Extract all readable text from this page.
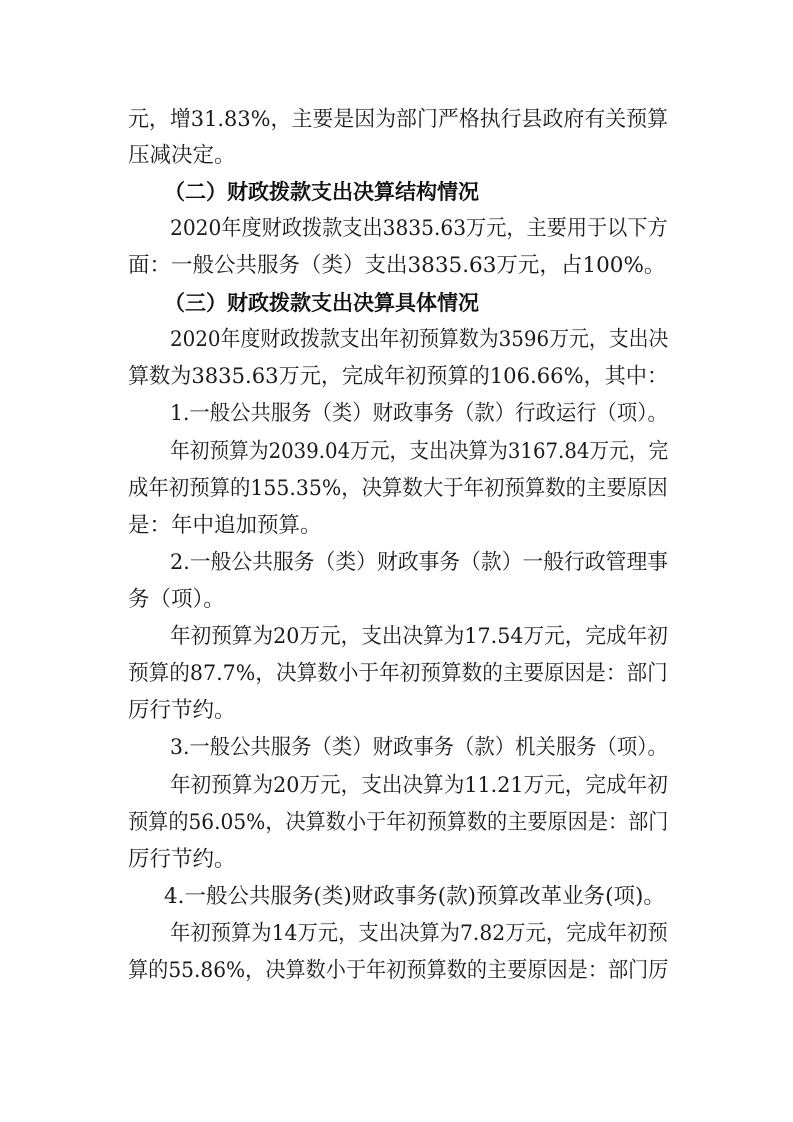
元，增31.83%，主要是因为部门严格执行县政府有关预算
压减决定。
（二）财政拨款支出决算结构情况
2020年度财政拨款支出3835.63万元，主要用于以下方
面：一般公共服务（类）支出3835.63万元，占100%。
（三）财政拨款支出决算具体情况
2020年度财政拨款支出年初预算数为3596万元，支出决
算数为3835.63万元，完成年初预算的106.66%，其中：
1.一般公共服务（类）财政事务（款）行政运行（项）。
年初预算为2039.04万元，支出决算为3167.84万元，完
成年初预算的155.35%，决算数大于年初预算数的主要原因
是：年中追加预算。
2.一般公共服务（类）财政事务（款）一般行政管理事
务（项）。
年初预算为20万元，支出决算为17.54万元，完成年初
预算的87.7%，决算数小于年初预算数的主要原因是：部门
厉行节约。
3.一般公共服务（类）财政事务（款）机关服务（项）。
年初预算为20万元，支出决算为11.21万元，完成年初
预算的56.05%，决算数小于年初预算数的主要原因是：部门
厉行节约。
4.一般公共服务(类)财政事务(款)预算改革业务(项)。
年初预算为14万元，支出决算为7.82万元，完成年初预
算的55.86%，决算数小于年初预算数的主要原因是：部门厉
